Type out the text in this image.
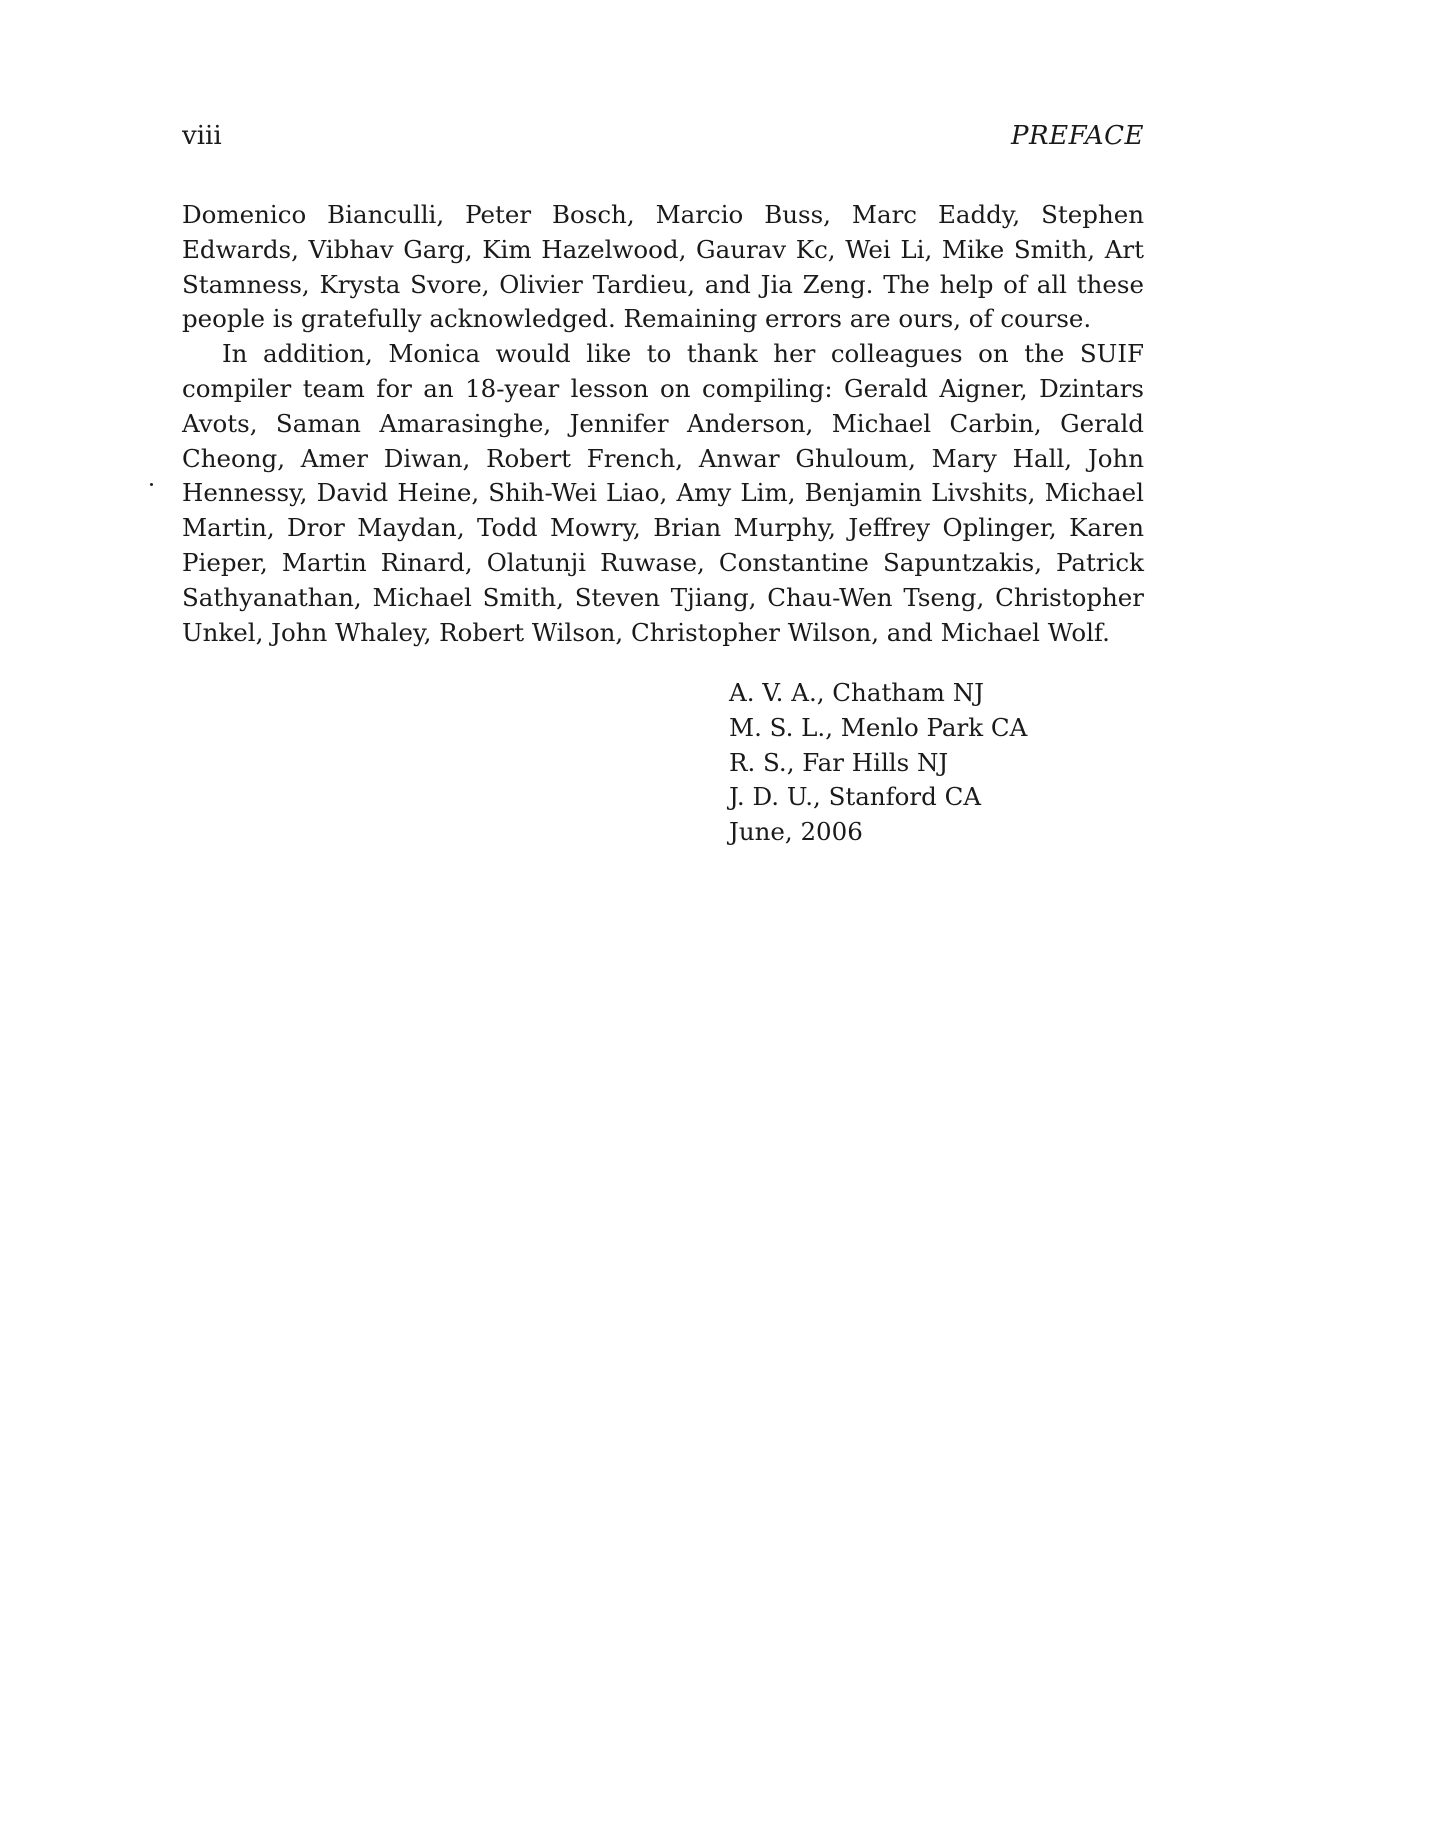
viii	PREFACE

Domenico Bianculli, Peter Bosch, Marcio Buss, Marc Eaddy, Stephen Edwards, Vibhav Garg, Kim Hazelwood, Gaurav Kc, Wei Li, Mike Smith, Art Stamness, Krysta Svore, Olivier Tardieu, and Jia Zeng. The help of all these people is gratefully acknowledged. Remaining errors are ours, of course.

In addition, Monica would like to thank her colleagues on the SUIF compiler team for an 18-year lesson on compiling: Gerald Aigner, Dzintars Avots, Saman Amarasinghe, Jennifer Anderson, Michael Carbin, Gerald Cheong, Amer Diwan, Robert French, Anwar Ghuloum, Mary Hall, John Hennessy, David Heine, Shih-Wei Liao, Amy Lim, Benjamin Livshits, Michael Martin, Dror Maydan, Todd Mowry, Brian Murphy, Jeffrey Oplinger, Karen Pieper, Martin Rinard, Olatunji Ruwase, Constantine Sapuntzakis, Patrick Sathyanathan, Michael Smith, Steven Tjiang, Chau-Wen Tseng, Christopher Unkel, John Whaley, Robert Wilson, Christopher Wilson, and Michael Wolf.

A. V. A., Chatham NJ
M. S. L., Menlo Park CA
R. S., Far Hills NJ
J. D. U., Stanford CA
June, 2006
